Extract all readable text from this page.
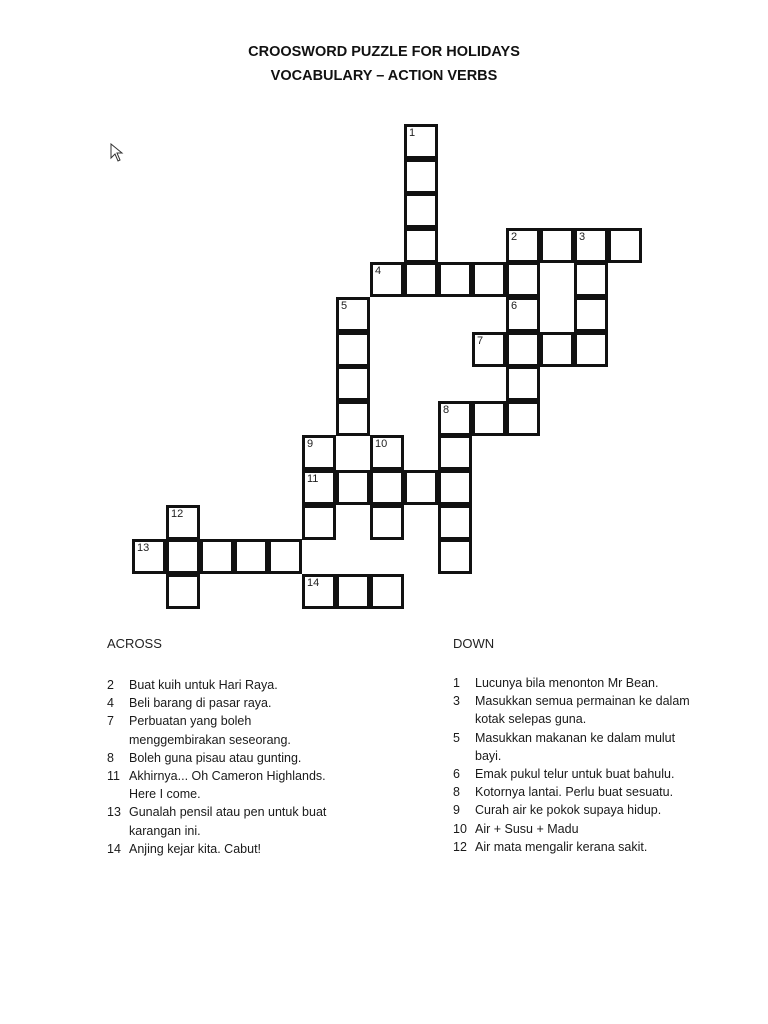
CROOSWORD PUZZLE FOR HOLIDAYS
VOCABULARY – ACTION VERBS
1
2	3
4
5	6
7
8
9	10
11
12
13
14
ACROSS	DOWN
2 Buat kuih untuk Hari Raya.
4 Beli barang di pasar raya.
7 Perbuatan yang boleh menggembirakan seseorang.
8 Boleh guna pisau atau gunting.
11 Akhirnya... Oh Cameron Highlands. Here I come.
13 Gunalah pensil atau pen untuk buat karangan ini.
14 Anjing kejar kita. Cabut!
1 Lucunya bila menonton Mr Bean.
3 Masukkan semua permainan ke dalam kotak selepas guna.
5 Masukkan makanan ke dalam mulut bayi.
6 Emak pukul telur untuk buat bahulu.
8 Kotornya lantai. Perlu buat sesuatu.
9 Curah air ke pokok supaya hidup.
10 Air + Susu + Madu
12 Air mata mengalir kerana sakit.
